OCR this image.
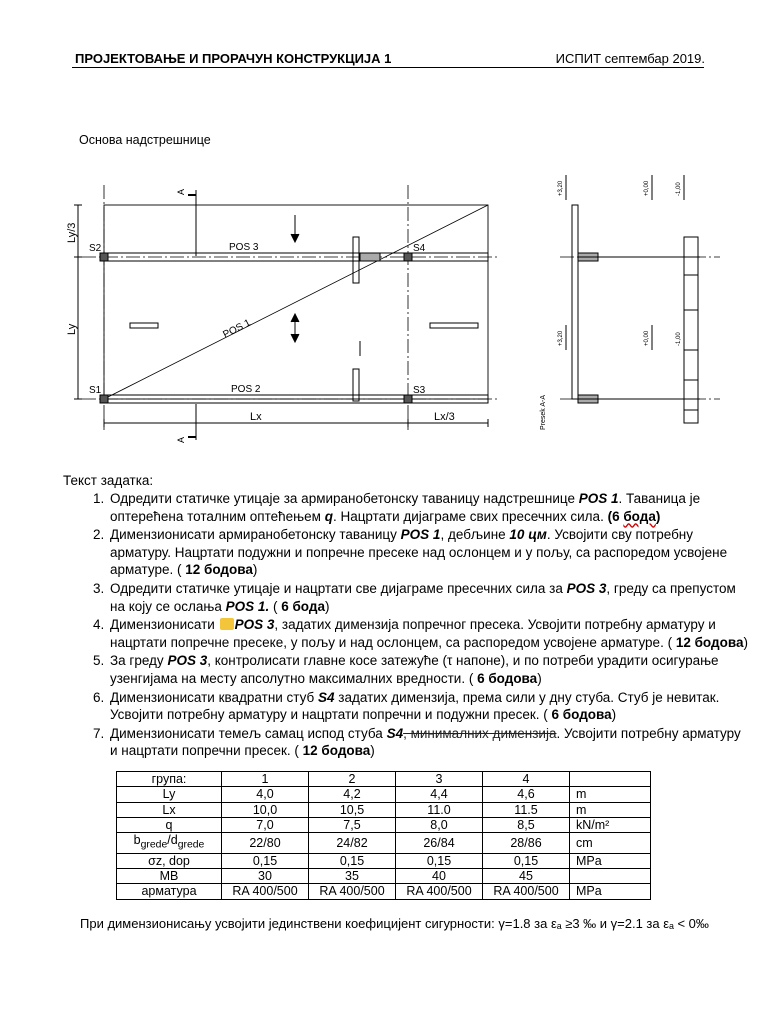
ПРОЈЕКТОВАЊЕ И ПРОРАЧУН КОНСТРУКЦИЈА 1	ИСПИТ септембар 2019.
Основа надстрешнице
POS 3
POS 2
POS 1
S2
S1
S4
S3
Lx	Lx/3
Ly
Ly/3
A
A
Presek A-A
+3,20	+0,00	-1,00
+3,20	+0,00	-1,00
Текст задатка:
1. Одредити статичке утицаје за армиранобетонску таваницу надстрешнице POS 1. Таваница је оптерећена тоталним оптећењем q. Нацртати дијаграме свих пресечних сила. (6 бода)
2. Димензионисати армиранобетонску таваницу POS 1, дебљине 10 цм. Усвојити сву потребну арматуру. Нацртати подужни и попречне пресеке над ослонцем и у пољу, са распоредом усвојене арматуре. ( 12 бодова)
3. Одредити статичке утицаје и нацртати све дијаграме пресечних сила за POS 3, греду са препустом на коју се ослања POS 1. ( 6 бода)
4. Димензионисати POS 3, задатих димензија попречног пресека. Усвојити потребну арматуру и нацртати попречне пресеке, у пољу и над ослонцем, са распоредом усвојене арматуре. ( 12 бодова)
5. За греду POS 3, контролисати главне косе затежуће (τ напоне), и по потреби урадити осигурање узенгијама на месту апсолутно максималних вредности. ( 6 бодова)
6. Димензионисати квадратни стуб S4 задатих димензија, према сили у дну стуба. Стуб је невитак. Усвојити потребну арматуру и нацртати попречни и подужни пресек. ( 6 бодова)
7. Димензионисати темељ самац испод стуба S4, минималних димензија. Усвојити потребну арматуру и нацртати попречни пресек. ( 12 бодова)
група:	1	2	3	4	
Ly	4,0	4,2	4,4	4,6	m
Lx	10,0	10,5	11.0	11.5	m
q	7,0	7,5	8,0	8,5	kN/m²
$b_{grede}/d_{grede}$	22/80	24/82	26/84	28/86	cm
σz, dop	0,15	0,15	0,15	0,15	MPa
MB	30	35	40	45	
арматура	RA 400/500	RA 400/500	RA 400/500	RA 400/500	MPa
При димензионисању усвојити јединствени коефицијент сигурности: γ=1.8 за εₐ ≥3 ‰ и γ=2.1 за εₐ < 0‰
